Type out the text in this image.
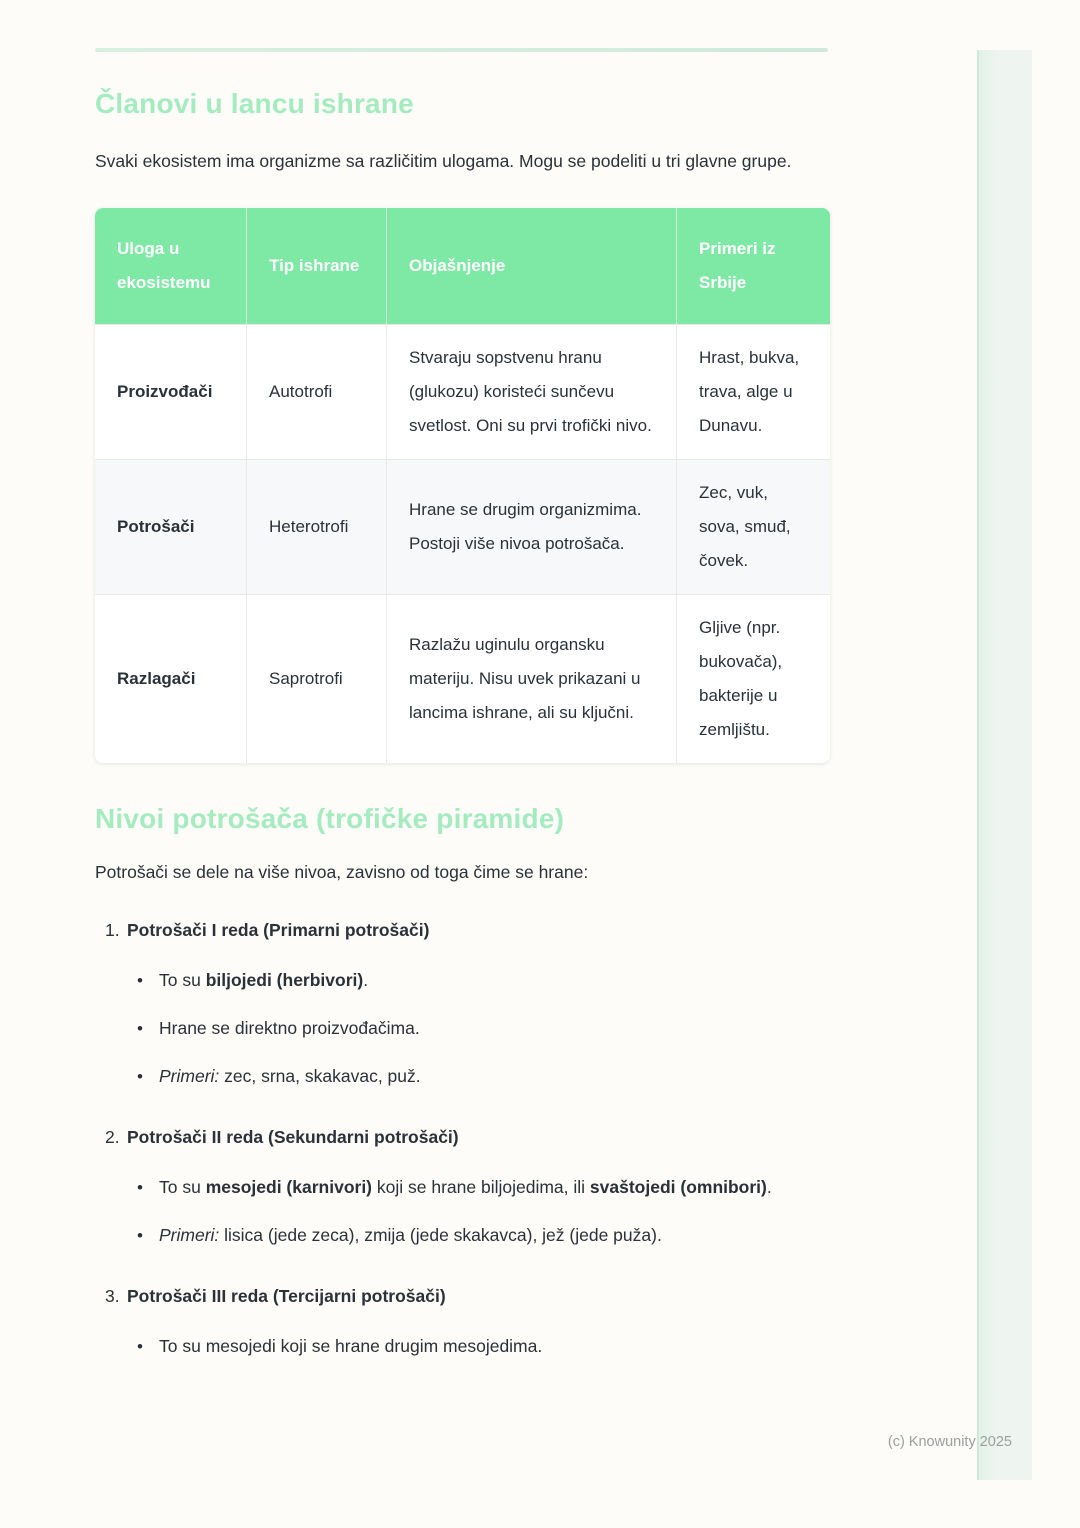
Članovi u lancu ishrane

Svaki ekosistem ima organizme sa različitim ulogama. Mogu se podeliti u tri glavne grupe.

Uloga u ekosistemu	Tip ishrane	Objašnjenje	Primeri iz Srbije
Proizvođači	Autotrofi	Stvaraju sopstvenu hranu (glukozu) koristeći sunčevu svetlost. Oni su prvi trofički nivo.	Hrast, bukva, trava, alge u Dunavu.
Potrošači	Heterotrofi	Hrane se drugim organizmima. Postoji više nivoa potrošača.	Zec, vuk, sova, smuđ, čovek.
Razlagači	Saprotrofi	Razlažu uginulu organsku materiju. Nisu uvek prikazani u lancima ishrane, ali su ključni.	Gljive (npr. bukovača), bakterije u zemljištu.
Nivoi potrošača (trofičke piramide)

Potrošači se dele na više nivoa, zavisno od toga čime se hrane:

1. Potrošači I reda (Primarni potrošači)
• To su biljojedi (herbivori).
• Hrane se direktno proizvođačima.
• Primeri: zec, srna, skakavac, puž.
2. Potrošači II reda (Sekundarni potrošači)
• To su mesojedi (karnivori) koji se hrane biljojedima, ili svaštojedi (omnibori).
• Primeri: lisica (jede zeca), zmija (jede skakavca), jež (jede puža).
3. Potrošači III reda (Tercijarni potrošači)
• To su mesojedi koji se hrane drugim mesojedima.
(c) Knowunity 2025
